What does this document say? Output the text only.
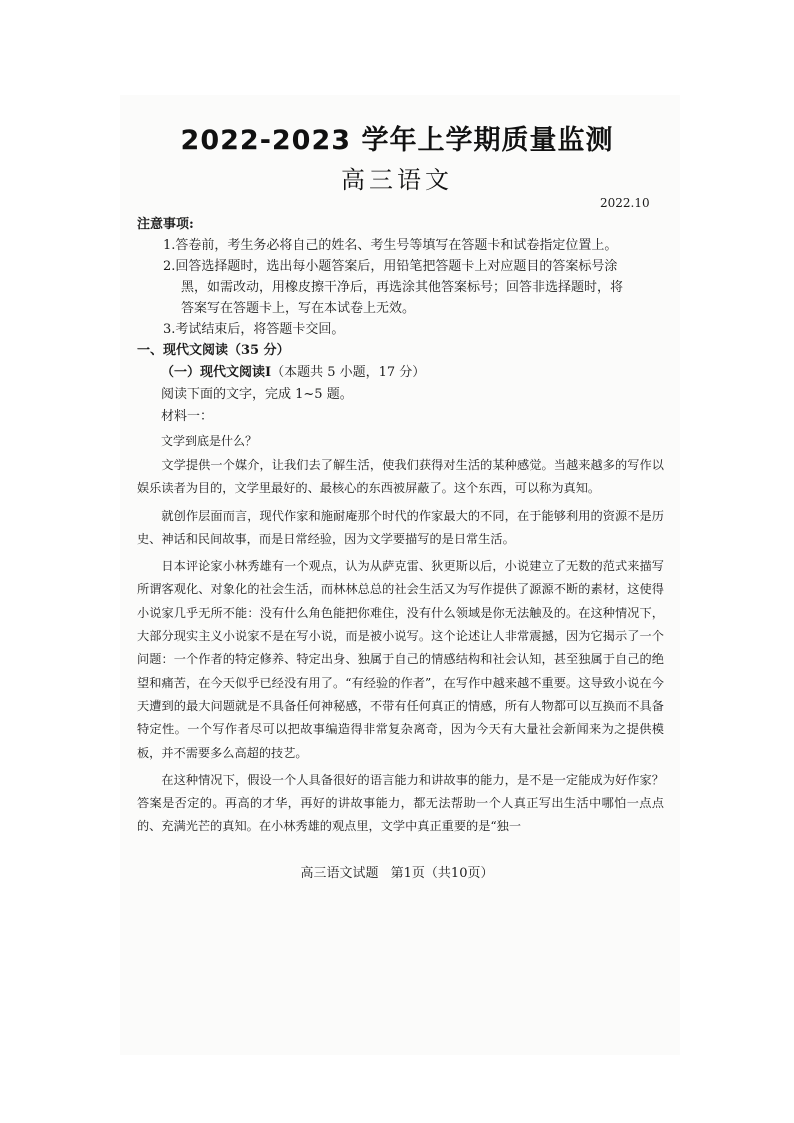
2022-2023 学年上学期质量监测
高三语文
2022.10

注意事项:

1.答卷前，考生务必将自己的姓名、考生号等填写在答题卡和试卷指定位置上。

2.回答选择题时，选出每小题答案后，用铅笔把答题卡上对应题目的答案标号涂

黑，如需改动，用橡皮擦干净后，再选涂其他答案标号；回答非选择题时，将

答案写在答题卡上，写在本试卷上无效。

3.考试结束后，将答题卡交回。

一、现代文阅读（35 分）

（一）现代文阅读Ⅰ（本题共 5 小题，17 分）

阅读下面的文字，完成 1~5 题。

材料一：

文学到底是什么？

文学提供一个媒介，让我们去了解生活，使我们获得对生活的某种感觉。当越来越多的写作以娱乐读者为目的，文学里最好的、最核心的东西被屏蔽了。这个东西，可以称为真知。

就创作层面而言，现代作家和施耐庵那个时代的作家最大的不同，在于能够利用的资源不是历史、神话和民间故事，而是日常经验，因为文学要描写的是日常生活。

日本评论家小林秀雄有一个观点，认为从萨克雷、狄更斯以后，小说建立了无数的范式来描写所谓客观化、对象化的社会生活，而林林总总的社会生活又为写作提供了源源不断的素材，这使得小说家几乎无所不能：没有什么角色能把你难住，没有什么领域是你无法触及的。在这种情况下，大部分现实主义小说家不是在写小说，而是被小说写。这个论述让人非常震撼，因为它揭示了一个问题：一个作者的特定修养、特定出身、独属于自己的情感结构和社会认知，甚至独属于自己的绝望和痛苦，在今天似乎已经没有用了。“有经验的作者”，在写作中越来越不重要。这导致小说在今天遭到的最大问题就是不具备任何神秘感，不带有任何真正的情感，所有人物都可以互换而不具备特定性。一个写作者尽可以把故事编造得非常复杂离奇，因为今天有大量社会新闻来为之提供模板，并不需要多么高超的技艺。

在这种情况下，假设一个人具备很好的语言能力和讲故事的能力，是不是一定能成为好作家？答案是否定的。再高的才华，再好的讲故事能力，都无法帮助一个人真正写出生活中哪怕一点点的、充满光芒的真知。在小林秀雄的观点里，文学中真正重要的是“独一

高三语文试题 第1页（共10页）
